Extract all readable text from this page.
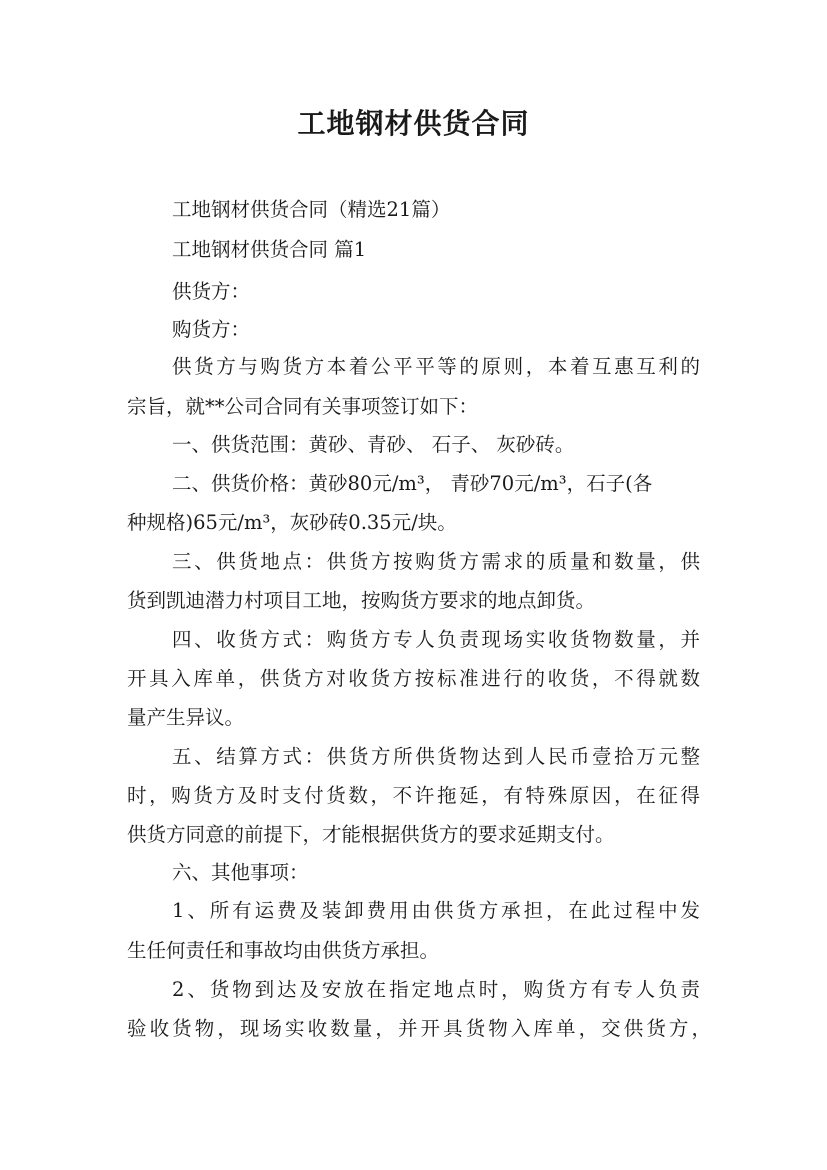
工地钢材供货合同
工地钢材供货合同（精选21篇）
工地钢材供货合同 篇1
供货方：
购货方：
供货方与购货方本着公平平等的原则，本着互惠互利的
宗旨，就**公司合同有关事项签订如下：
一、供货范围：黄砂、青砂、 石子、 灰砂砖。
二、供货价格：黄砂80元/m³， 青砂70元/m³，石子(各
种规格)65元/m³，灰砂砖0.35元/块。
三、供货地点：供货方按购货方需求的质量和数量，供
货到凯迪潜力村项目工地，按购货方要求的地点卸货。
四、收货方式：购货方专人负责现场实收货物数量，并
开具入库单，供货方对收货方按标准进行的收货，不得就数
量产生异议。
五、结算方式：供货方所供货物达到人民币壹拾万元整
时，购货方及时支付货数，不许拖延，有特殊原因，在征得
供货方同意的前提下，才能根据供货方的要求延期支付。
六、其他事项：
1、所有运费及装卸费用由供货方承担，在此过程中发
生任何责任和事故均由供货方承担。
2、货物到达及安放在指定地点时，购货方有专人负责
验收货物，现场实收数量，并开具货物入库单，交供货方，
